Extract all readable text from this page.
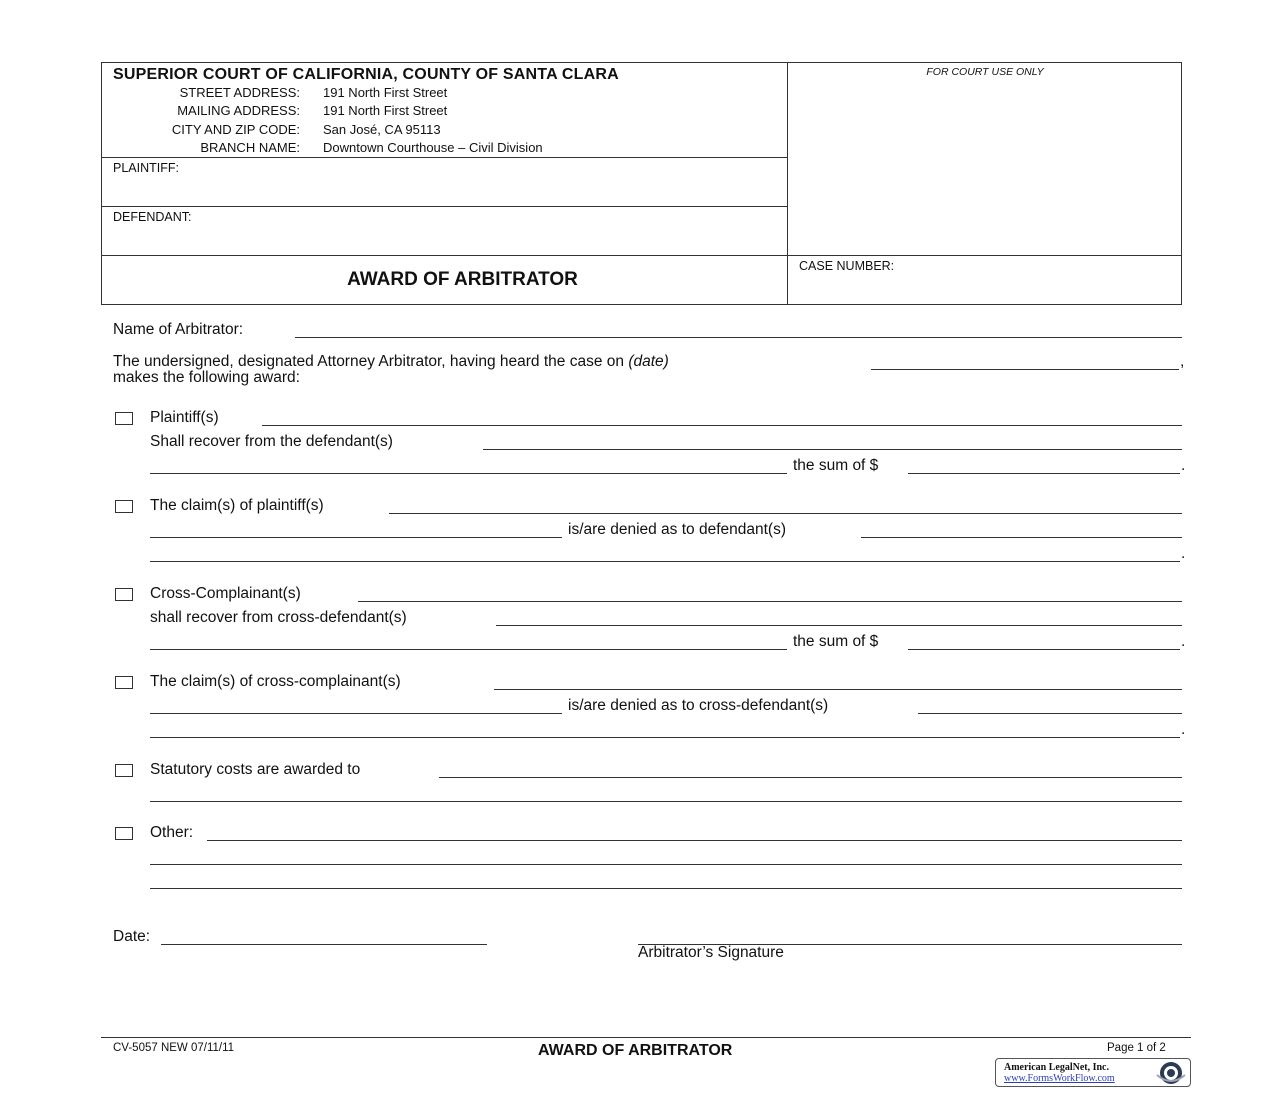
SUPERIOR COURT OF CALIFORNIA, COUNTY OF SANTA CLARA
STREET ADDRESS: 191 North First Street
MAILING ADDRESS: 191 North First Street
CITY AND ZIP CODE: San José, CA 95113
BRANCH NAME: Downtown Courthouse – Civil Division
PLAINTIFF:
DEFENDANT:
FOR COURT USE ONLY
AWARD OF ARBITRATOR
CASE NUMBER:
Name of Arbitrator:
The undersigned, designated Attorney Arbitrator, having heard the case on (date)	,
makes the following award:
Plaintiff(s)
Shall recover from the defendant(s)
the sum of $	.
The claim(s) of plaintiff(s)
is/are denied as to defendant(s)
.
Cross-Complainant(s)
shall recover from cross-defendant(s)
the sum of $	.
The claim(s) of cross-complainant(s)
is/are denied as to cross-defendant(s)
.
Statutory costs are awarded to
Other:
Date:
Arbitrator’s Signature
CV-5057 NEW 07/11/11	AWARD OF ARBITRATOR	Page 1 of 2
American LegalNet, Inc.
www.FormsWorkFlow.com
